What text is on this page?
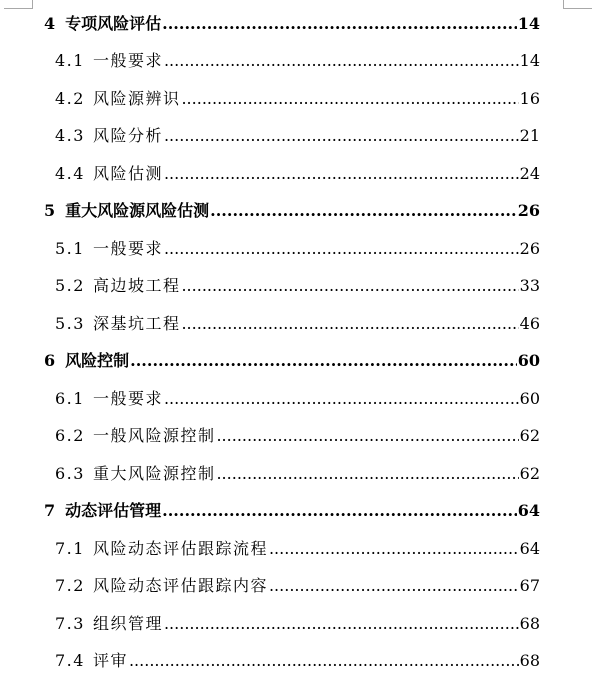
4 专项风险评估 .....	14
4.1 一般要求 .....	14
4.2 风险源辨识 .....	16
4.3 风险分析 .....	21
4.4 风险估测 .....	24
5 重大风险源风险估测 .....	26
5.1 一般要求 .....	26
5.2 高边坡工程 .....	33
5.3 深基坑工程 .....	46
6 风险控制 .....	60
6.1 一般要求 .....	60
6.2 一般风险源控制 .....	62
6.3 重大风险源控制 .....	62
7 动态评估管理 .....	64
7.1 风险动态评估跟踪流程 .....	64
7.2 风险动态评估跟踪内容 .....	67
7.3 组织管理 .....	68
7.4 评审 .....	68
